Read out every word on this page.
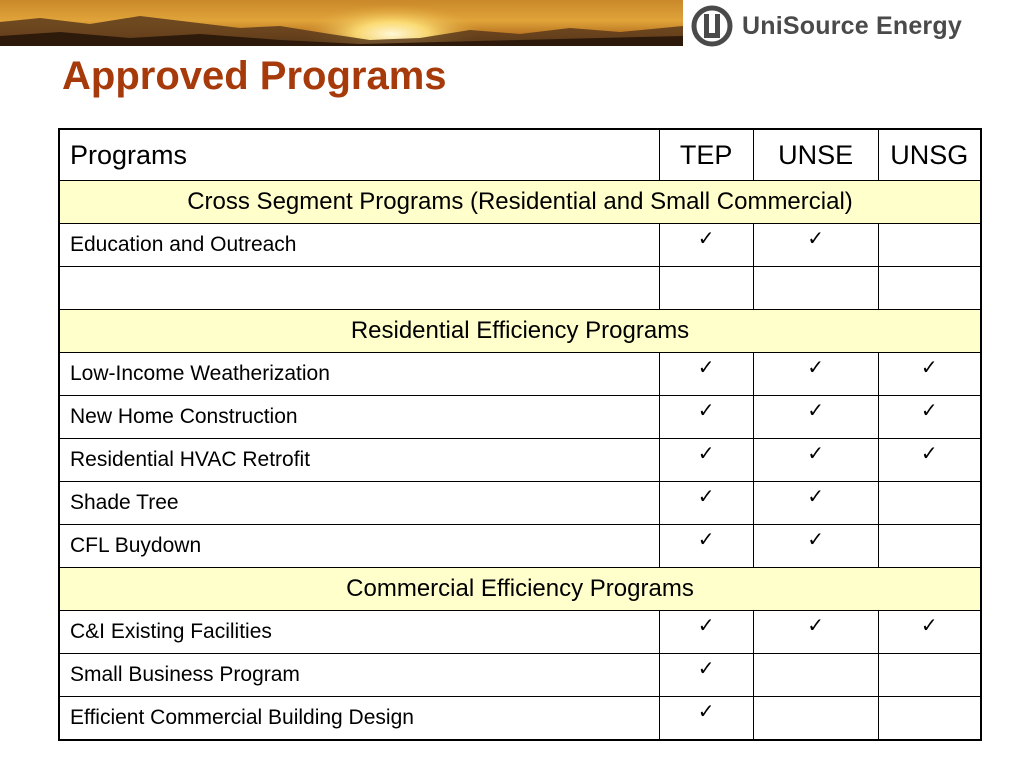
UniSource Energy
Approved Programs
Programs	TEP	UNSE	UNSG
Cross Segment Programs (Residential and Small Commercial)			
Education and Outreach	✓	✓	

Residential Efficiency Programs			
Low-Income Weatherization	✓	✓	✓
New Home Construction	✓	✓	✓
Residential HVAC Retrofit	✓	✓	✓
Shade Tree	✓	✓	
CFL Buydown	✓	✓	
Commercial Efficiency Programs			
C&I Existing Facilities	✓	✓	✓
Small Business Program	✓		
Efficient Commercial Building Design	✓		
